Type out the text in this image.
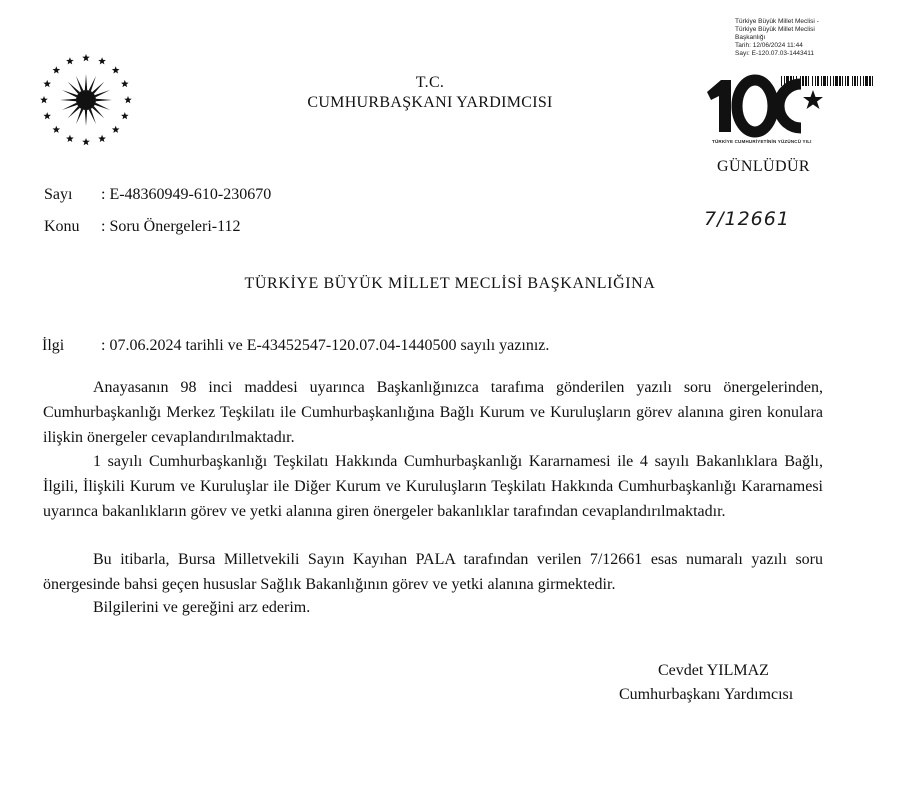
T.C.
CUMHURBAŞKANI YARDIMCISI
Türkiye Büyük Millet Meclisi -
Türkiye Büyük Millet Meclisi
Başkanlığı
Tarih: 12/06/2024 11:44
Sayı: E-120.07.03-1443411
TÜRKİYE CUMHURİYETİNİN YÜZÜNCÜ YILI
GÜNLÜDÜR
Sayı : E-48360949-610-230670
Konu : Soru Önergeleri-112	7/12661
TÜRKİYE BÜYÜK MİLLET MECLİSİ BAŞKANLIĞINA
İlgi : 07.06.2024 tarihli ve E-43452547-120.07.04-1440500 sayılı yazınız.

Anayasanın 98 inci maddesi uyarınca Başkanlığınızca tarafıma gönderilen yazılı soru önergelerinden, Cumhurbaşkanlığı Merkez Teşkilatı ile Cumhurbaşkanlığına Bağlı Kurum ve Kuruluşların görev alanına giren konulara ilişkin önergeler cevaplandırılmaktadır.

1 sayılı Cumhurbaşkanlığı Teşkilatı Hakkında Cumhurbaşkanlığı Kararnamesi ile 4 sayılı Bakanlıklara Bağlı, İlgili, İlişkili Kurum ve Kuruluşlar ile Diğer Kurum ve Kuruluşların Teşkilatı Hakkında Cumhurbaşkanlığı Kararnamesi uyarınca bakanlıkların görev ve yetki alanına giren önergeler bakanlıklar tarafından cevaplandırılmaktadır.

Bu itibarla, Bursa Milletvekili Sayın Kayıhan PALA tarafından verilen 7/12661 esas numaralı yazılı soru önergesinde bahsi geçen hususlar Sağlık Bakanlığının görev ve yetki alanına girmektedir.

Bilgilerini ve gereğini arz ederim.

Cevdet YILMAZ
Cumhurbaşkanı Yardımcısı
